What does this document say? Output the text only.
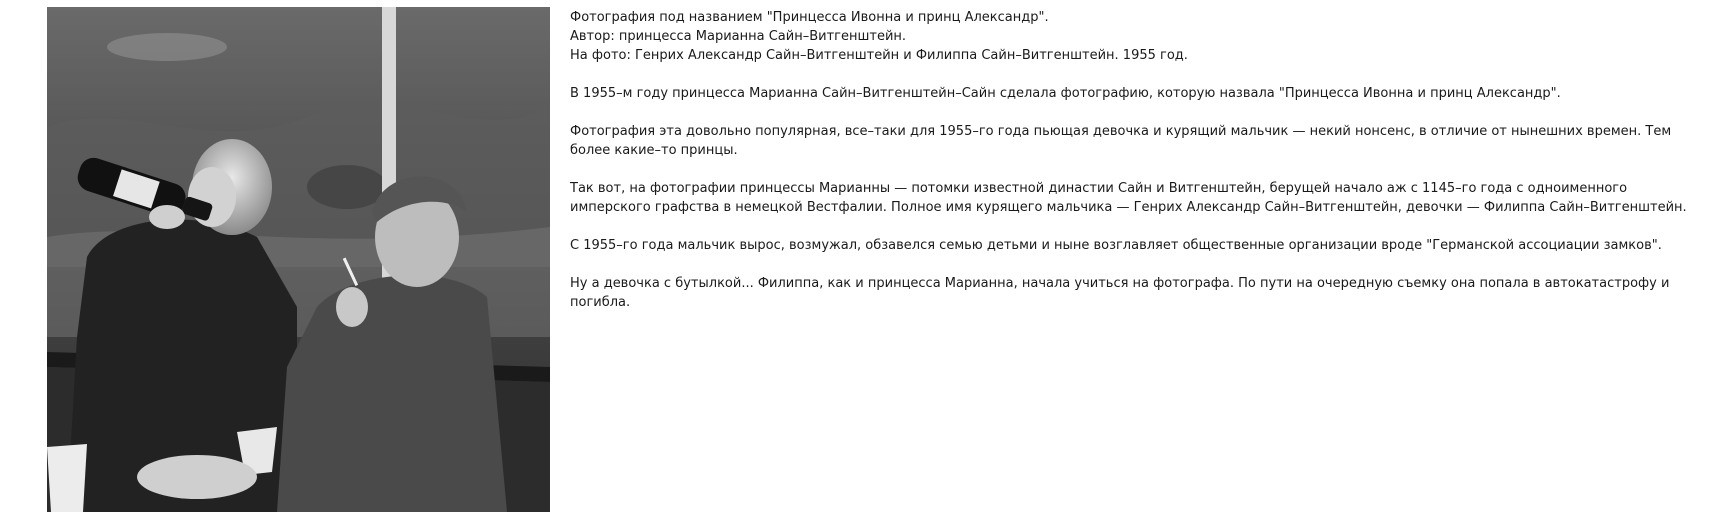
Фотография под названием "Принцесса Ивонна и принц Александр".
Автор: принцесса Марианна Сайн–Витгенштейн.
На фото: Генрих Александр Сайн–Витгенштейн и Филиппа Сайн–Витгенштейн. 1955 год.

В 1955–м году принцесса Марианна Сайн–Витгенштейн–Сайн сделала фотографию, которую назвала "Принцесса Ивонна и принц Александр".

Фотография эта довольно популярная, все–таки для 1955–го года пьющая девочка и курящий мальчик — некий нонсенс, в отличие от нынешних времен. Тем более какие–то принцы.

Так вот, на фотографии принцессы Марианны — потомки известной династии Сайн и Витгенштейн, берущей начало аж с 1145–го года с одноименного имперского графства в немецкой Вестфалии. Полное имя курящего мальчика — Генрих Александр Сайн–Витгенштейн, девочки — Филиппа Сайн–Витгенштейн.

С 1955–го года мальчик вырос, возмужал, обзавелся семью детьми и ныне возглавляет общественные организации вроде "Германской ассоциации замков".

Ну а девочка с бутылкой... Филиппа, как и принцесса Марианна, начала учиться на фотографа. По пути на очередную съемку она попала в автокатастрофу и погибла.
